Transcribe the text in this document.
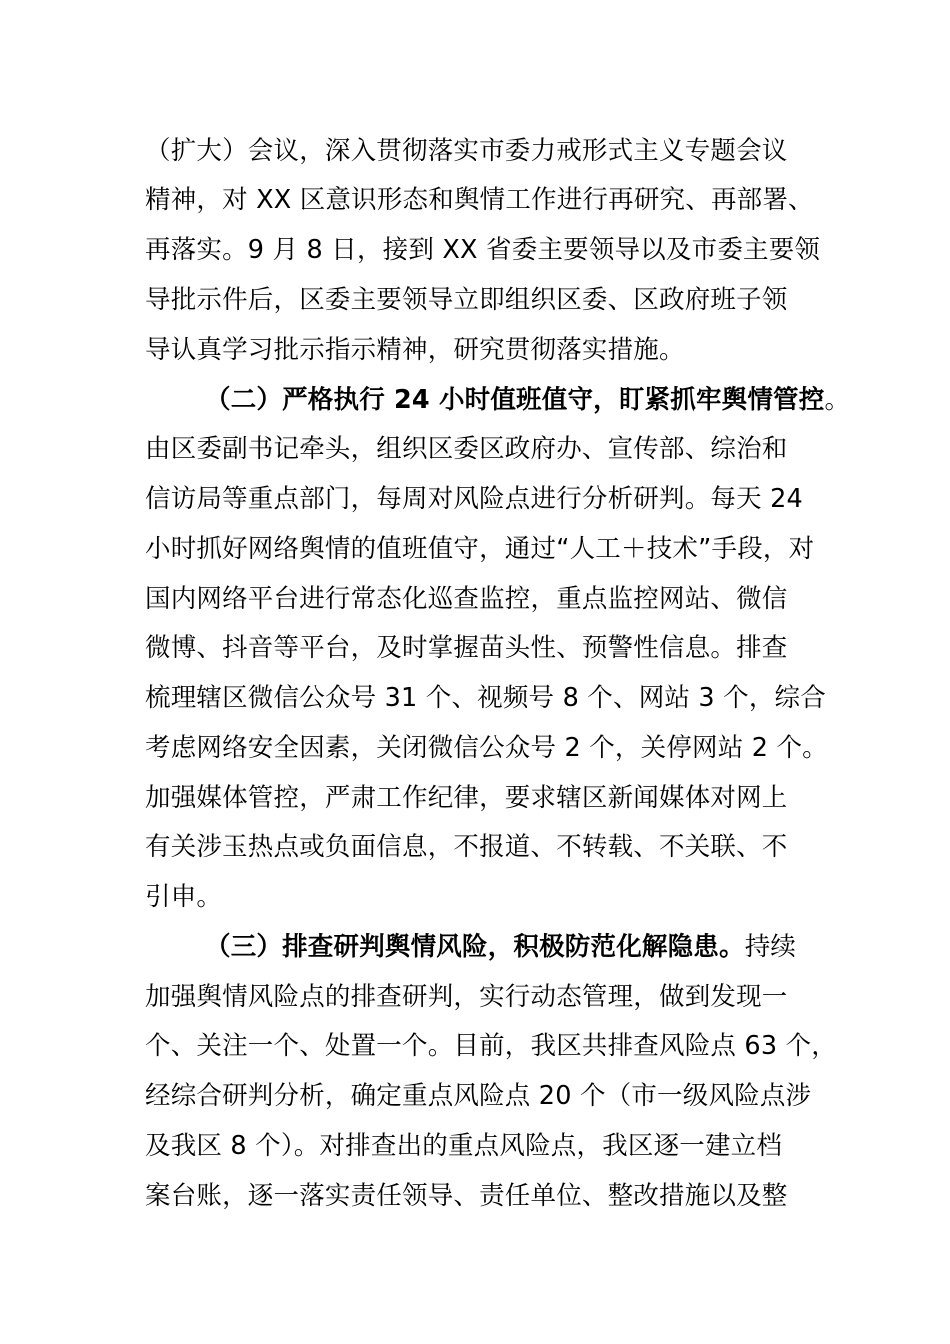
（扩大）会议，深入贯彻落实市委力戒形式主义专题会议
精神，对 XX 区意识形态和舆情工作进行再研究、再部署、
再落实。9 月 8 日，接到 XX 省委主要领导以及市委主要领
导批示件后，区委主要领导立即组织区委、区政府班子领
导认真学习批示指示精神，研究贯彻落实措施。
（二）严格执行 24 小时值班值守，盯紧抓牢舆情管控。
由区委副书记牵头，组织区委区政府办、宣传部、综治和
信访局等重点部门，每周对风险点进行分析研判。每天 24
小时抓好网络舆情的值班值守，通过“人工＋技术”手段，对
国内网络平台进行常态化巡查监控，重点监控网站、微信
微博、抖音等平台，及时掌握苗头性、预警性信息。排查
梳理辖区微信公众号 31 个、视频号 8 个、网站 3 个，综合
考虑网络安全因素，关闭微信公众号 2 个，关停网站 2 个。
加强媒体管控，严肃工作纪律，要求辖区新闻媒体对网上
有关涉玉热点或负面信息，不报道、不转载、不关联、不
引申。
（三）排查研判舆情风险，积极防范化解隐患。持续
加强舆情风险点的排查研判，实行动态管理，做到发现一
个、关注一个、处置一个。目前，我区共排查风险点 63 个，
经综合研判分析，确定重点风险点 20 个（市一级风险点涉
及我区 8 个）。对排查出的重点风险点，我区逐一建立档
案台账，逐一落实责任领导、责任单位、整改措施以及整
